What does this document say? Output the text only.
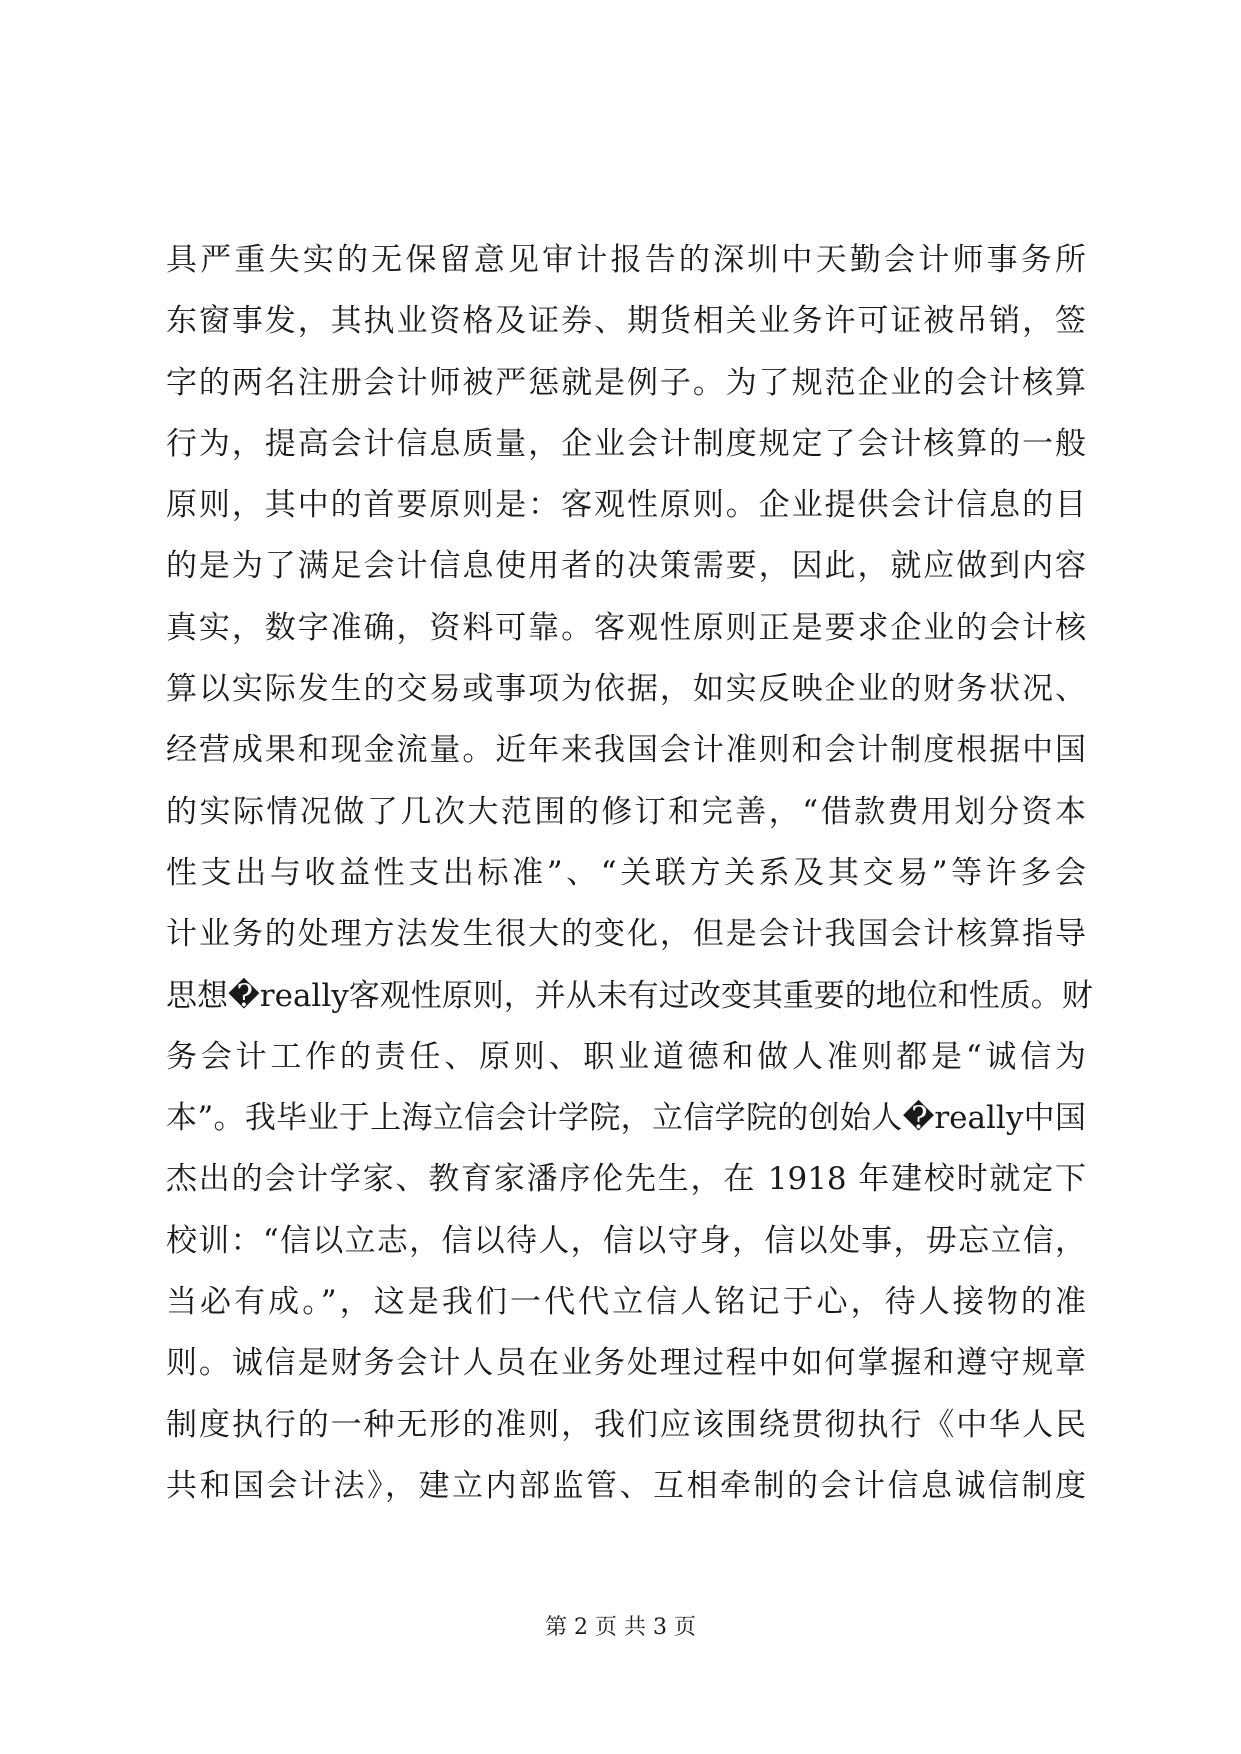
具严重失实的无保留意见审计报告的深圳中天勤会计师事务所
东窗事发，其执业资格及证券、期货相关业务许可证被吊销，签
字的两名注册会计师被严惩就是例子。为了规范企业的会计核算
行为，提高会计信息质量，企业会计制度规定了会计核算的一般
原则，其中的首要原则是：客观性原则。企业提供会计信息的目
的是为了满足会计信息使用者的决策需要，因此，就应做到内容
真实，数字准确，资料可靠。客观性原则正是要求企业的会计核
算以实际发生的交易或事项为依据，如实反映企业的财务状况、
经营成果和现金流量。近年来我国会计准则和会计制度根据中国
的实际情况做了几次大范围的修订和完善，“借款费用划分资本
性支出与收益性支出标准”、“关联方关系及其交易”等许多会
计业务的处理方法发生很大的变化，但是会计我国会计核算指导
思想�really客观性原则，并从未有过改变其重要的地位和性质。财
务会计工作的责任、原则、职业道德和做人准则都是“诚信为
本”。我毕业于上海立信会计学院，立信学院的创始人�really中国
杰出的会计学家、教育家潘序伦先生，在 1918 年建校时就定下
校训：“信以立志，信以待人，信以守身，信以处事，毋忘立信，
当必有成。”，这是我们一代代立信人铭记于心，待人接物的准
则。诚信是财务会计人员在业务处理过程中如何掌握和遵守规章
制度执行的一种无形的准则，我们应该围绕贯彻执行《中华人民
共和国会计法》，建立内部监管、互相牵制的会计信息诚信制度
第 2 页 共 3 页
